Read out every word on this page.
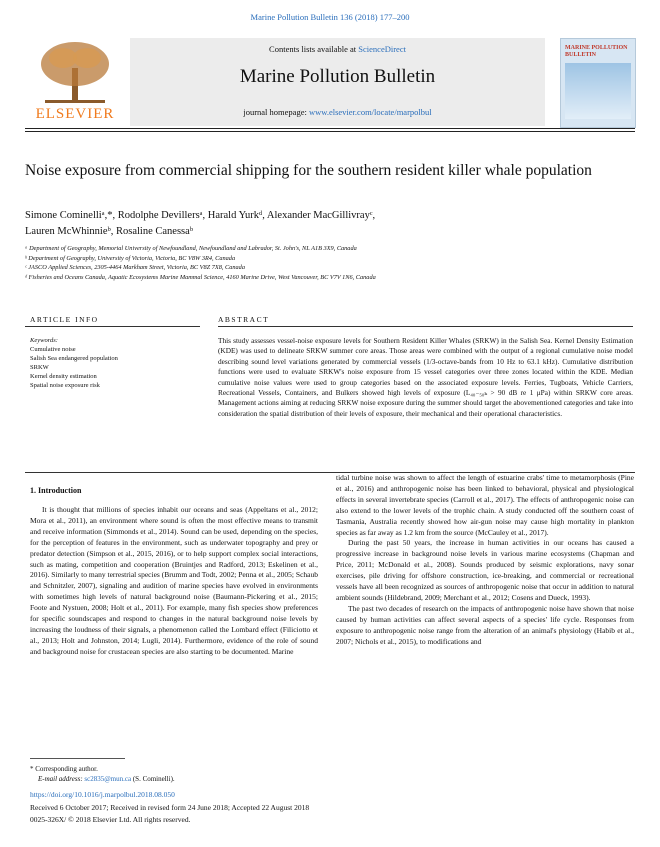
Marine Pollution Bulletin 136 (2018) 177–200
ELSEVIER
Contents lists available at ScienceDirect
Marine Pollution Bulletin
journal homepage: www.elsevier.com/locate/marpolbul
MARINE POLLUTION BULLETIN
Noise exposure from commercial shipping for the southern resident killer whale population
Simone Cominelliᵃ,*, Rodolphe Devillersᵃ, Harald Yurkᵈ, Alexander MacGillivrayᶜ,
Lauren McWhinnieᵇ, Rosaline Canessaᵇ
ᵃ Department of Geography, Memorial University of Newfoundland, Newfoundland and Labrador, St. John's, NL A1B 3X9, Canada
ᵇ Department of Geography, University of Victoria, Victoria, BC V8W 3R4, Canada
ᶜ JASCO Applied Sciences, 2305-4464 Markham Street, Victoria, BC V8Z 7X8, Canada
ᵈ Fisheries and Oceans Canada, Aquatic Ecosystems Marine Mammal Science, 4160 Marine Drive, West Vancouver, BC V7V 1N6, Canada
ARTICLE INFO	ABSTRACT
Keywords:
Cumulative noise
Salish Sea endangered population
SRKW
Kernel density estimation
Spatial noise exposure risk
This study assesses vessel-noise exposure levels for Southern Resident Killer Whales (SRKW) in the Salish Sea. Kernel Density Estimation (KDE) was used to delineate SRKW summer core areas. Those areas were combined with the output of a regional cumulative noise model describing sound level variations generated by commercial vessels (1/3-octave-bands from 10 Hz to 63.1 kHz). Cumulative distribution functions were used to evaluate SRKW's noise exposure from 15 vessel categories over three zones located within the KDE. Median cumulative noise values were used to group categories based on the associated exposure levels. Ferries, Tugboats, Vehicle Carriers, Recreational Vessels, Containers, and Bulkers showed high levels of exposure (L₄₀₋₅₀ₖ > 90 dB re 1 μPa) within SRKW core areas. Management actions aiming at reducing SRKW noise exposure during the summer should target the abovementioned categories and take into consideration the spatial distribution of their levels of exposure, their mechanical and their operational characteristics.
1. Introduction

It is thought that millions of species inhabit our oceans and seas (Appeltans et al., 2012; Mora et al., 2011), an environment where sound is often the most effective means to transmit and receive information (Simmonds et al., 2014). Sound can be used, depending on the species, for the perception of features in the environment, such as underwater topography and prey or predator detection (Simpson et al., 2015, 2016), or to help support complex social interactions, such as mating, competition and cooperation (Bruintjes and Radford, 2013; Eskelinen et al., 2016). Similarly to many terrestrial species (Brumm and Todt, 2002; Penna et al., 2005; Schaub and Schnitzler, 2007), signaling and audition of marine species have evolved in environments with sometimes high levels of natural background noise (Baumann-Pickering et al., 2015; Foote and Nystuen, 2008; Holt et al., 2011). For example, many fish species show preferences for specific soundscapes and respond to changes in the natural background noise levels by increasing the loudness of their signals, a phenomenon called the Lombard effect (Filiciotto et al., 2013; Holt and Johnston, 2014; Lugli, 2014). Furthermore, evidence of the role of sound and background noise for crustacean species are also starting to be documented. Marine

tidal turbine noise was shown to affect the length of estuarine crabs' time to metamorphosis (Pine et al., 2016) and anthropogenic noise has been linked to behavioral, physical and physiological effects in several invertebrate species (Carroll et al., 2017). The effects of anthropogenic noise can also extend to the lower levels of the trophic chain. A study conducted off the southern coast of Tasmania, Australia recently showed how air-gun noise may cause high mortality in plankton species as far away as 1.2 km from the source (McCauley et al., 2017).

During the past 50 years, the increase in human activities in our oceans has caused a progressive increase in background noise levels in various marine ecosystems (Chapman and Price, 2011; McDonald et al., 2008). Sounds produced by seismic explorations, navy sonar exercises, pile driving for offshore construction, ice-breaking, and commercial or recreational vessels have all been recognized as sources of anthropogenic noise that occur in addition to natural ambient sounds (Hildebrand, 2009; Merchant et al., 2012; Cosens and Dueck, 1993).

The past two decades of research on the impacts of anthropogenic noise have shown that noise caused by human activities can affect several aspects of a species' life cycle. Responses from exposure to anthropogenic noise range from the alteration of an animal's physiology (Habib et al., 2007; Nichols et al., 2015), to modifications and

* Corresponding author.
E-mail address: sc2835@mun.ca (S. Cominelli).
https://doi.org/10.1016/j.marpolbul.2018.08.050
Received 6 October 2017; Received in revised form 24 June 2018; Accepted 22 August 2018
0025-326X/ © 2018 Elsevier Ltd. All rights reserved.
